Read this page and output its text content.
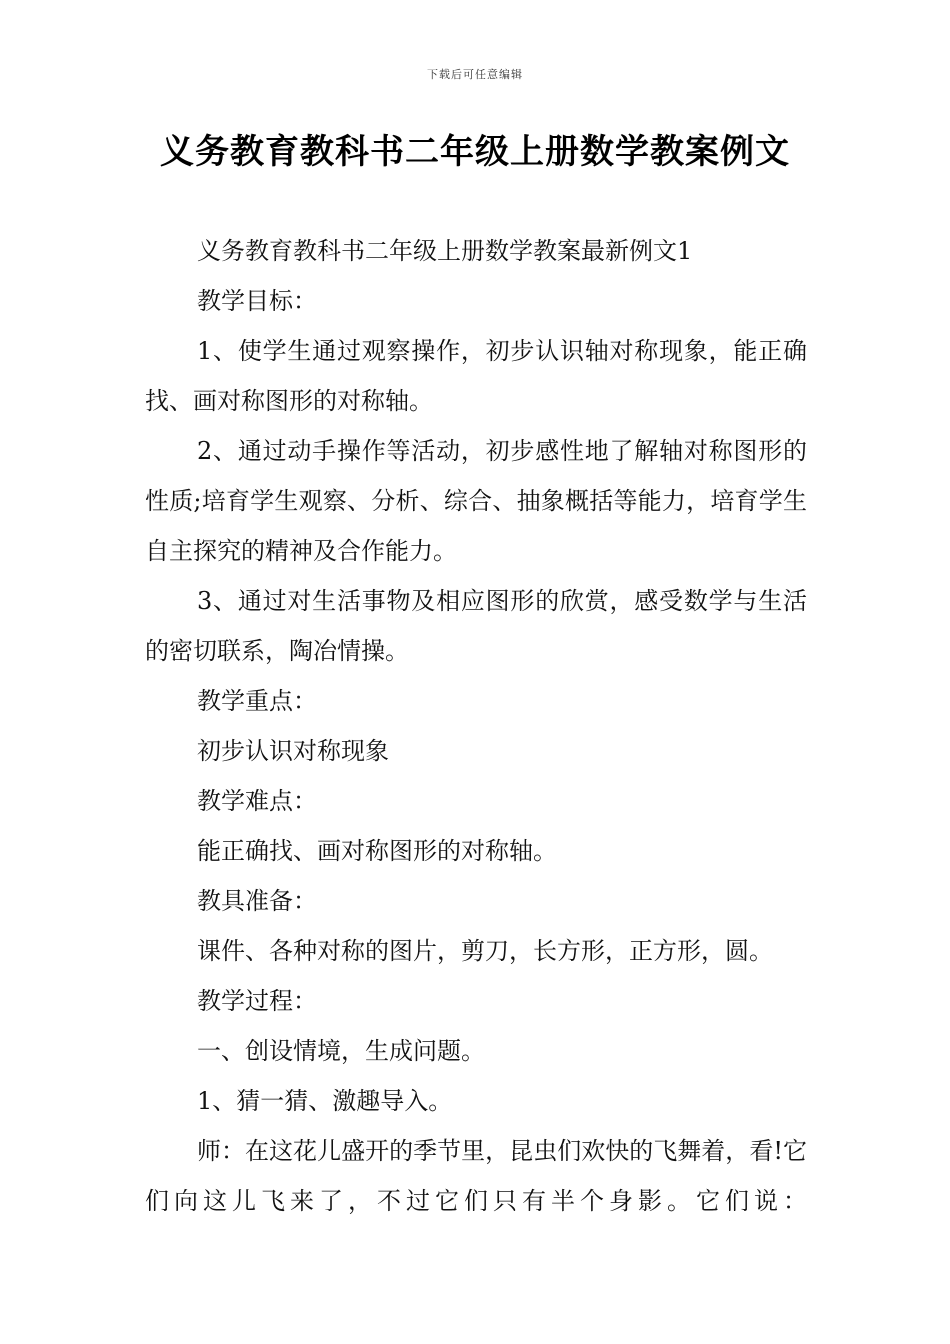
下载后可任意编辑
义务教育教科书二年级上册数学教案例文

义务教育教科书二年级上册数学教案最新例文1

教学目标：

1、使学生通过观察操作，初步认识轴对称现象，能正确找、画对称图形的对称轴。

2、通过动手操作等活动，初步感性地了解轴对称图形的性质;培育学生观察、分析、综合、抽象概括等能力，培育学生自主探究的精神及合作能力。

3、通过对生活事物及相应图形的欣赏，感受数学与生活的密切联系，陶冶情操。

教学重点：

初步认识对称现象

教学难点：

能正确找、画对称图形的对称轴。

教具准备：

课件、各种对称的图片，剪刀，长方形，正方形，圆。

教学过程：

一、创设情境，生成问题。

1、猜一猜、激趣导入。

师：在这花儿盛开的季节里，昆虫们欢快的飞舞着，看!它们向这儿飞来了，不过它们只有半个身影。它们说：
